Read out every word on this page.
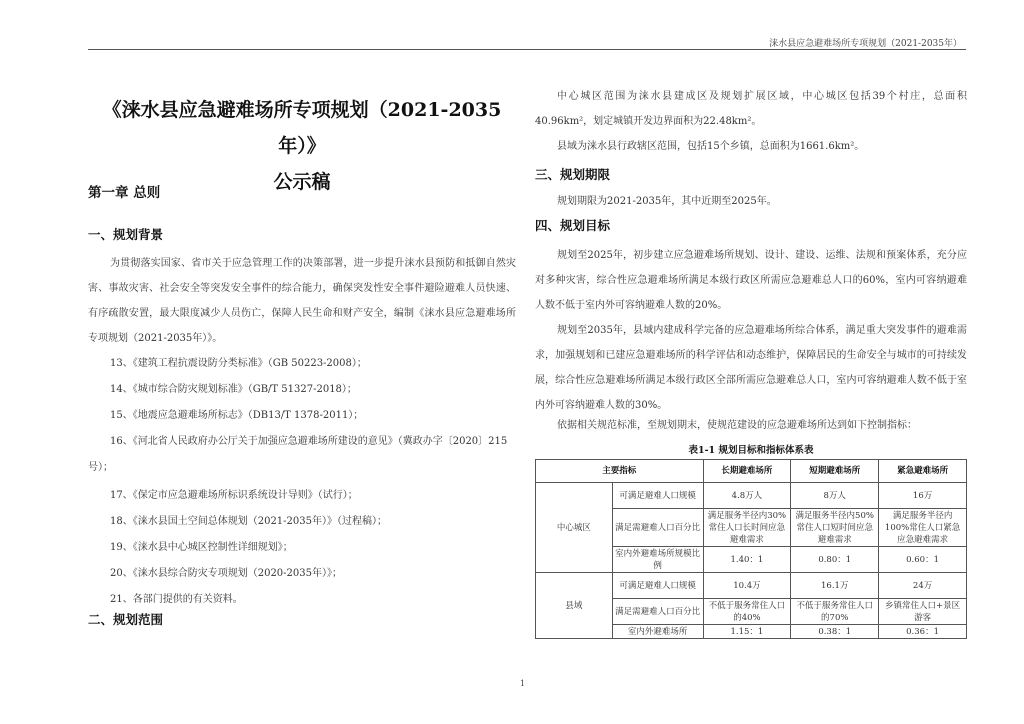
涞水县应急避难场所专项规划（2021-2035年）
《涞水县应急避难场所专项规划（2021-2035年）》
公示稿
第一章 总则
一、规划背景
为贯彻落实国家、省市关于应急管理工作的决策部署，进一步提升涞水县预防和抵御自然灾害、事故灾害、社会安全等突发安全事件的综合能力，确保突发性安全事件避险避难人员快速、有序疏散安置，最大限度减少人员伤亡，保障人民生命和财产安全，编制《涞水县应急避难场所专项规划（2021-2035年）》。
13、《建筑工程抗震设防分类标准》（GB 50223-2008）；
14、《城市综合防灾规划标准》（GB/T 51327-2018）；
15、《地震应急避难场所标志》（DB13/T 1378-2011）；
16、《河北省人民政府办公厅关于加强应急避难场所建设的意见》（冀政办字〔2020〕215
号）；
17、《保定市应急避难场所标识系统设计导则》（试行）；
18、《涞水县国土空间总体规划（2021-2035年）》（过程稿）；
19、《涞水县中心城区控制性详细规划》；
20、《涞水县综合防灾专项规划（2020-2035年）》；
21、各部门提供的有关资料。
二、规划范围
中心城区范围为涞水县建成区及规划扩展区域，中心城区包括39个村庄，总面积40.96km²，划定城镇开发边界面积为22.48km²。
县域为涞水县行政辖区范围，包括15个乡镇，总面积为1661.6km²。
三、规划期限
规划期限为2021-2035年，其中近期至2025年。
四、规划目标
规划至2025年，初步建立应急避难场所规划、设计、建设、运维、法规和预案体系，充分应对多种灾害，综合性应急避难场所满足本级行政区所需应急避难总人口的60%，室内可容纳避难人数不低于室内外可容纳避难人数的20%。
规划至2035年，县域内建成科学完备的应急避难场所综合体系，满足重大突发事件的避难需求，加强规划和已建应急避难场所的科学评估和动态维护，保障居民的生命安全与城市的可持续发展，综合性应急避难场所满足本级行政区全部所需应急避难总人口，室内可容纳避难人数不低于室内外可容纳避难人数的30%。
依据相关规范标准，至规划期末，使规范建设的应急避难场所达到如下控制指标：
表1-1 规划目标和指标体系表
主要指标		长期避难场所	短期避难场所	紧急避难场所
中心城区	可满足避难人口规模	4.8万人	8万人	16万
	满足需避难人口百分比	满足服务半径内30%常住人口长时间应急避难需求	满足服务半径内50%常住人口短时间应急避难需求	满足服务半径内100%常住人口紧急应急避难需求
	室内外避难场所规模比例	1.40：1	0.80：1	0.60：1
县域	可满足避难人口规模	10.4万	16.1万	24万
	满足需避难人口百分比	不低于服务常住人口的40%	不低于服务常住人口的70%	乡镇常住人口+景区游客
	室内外避难场所	1.15：1	0.38：1	0.36：1
1
